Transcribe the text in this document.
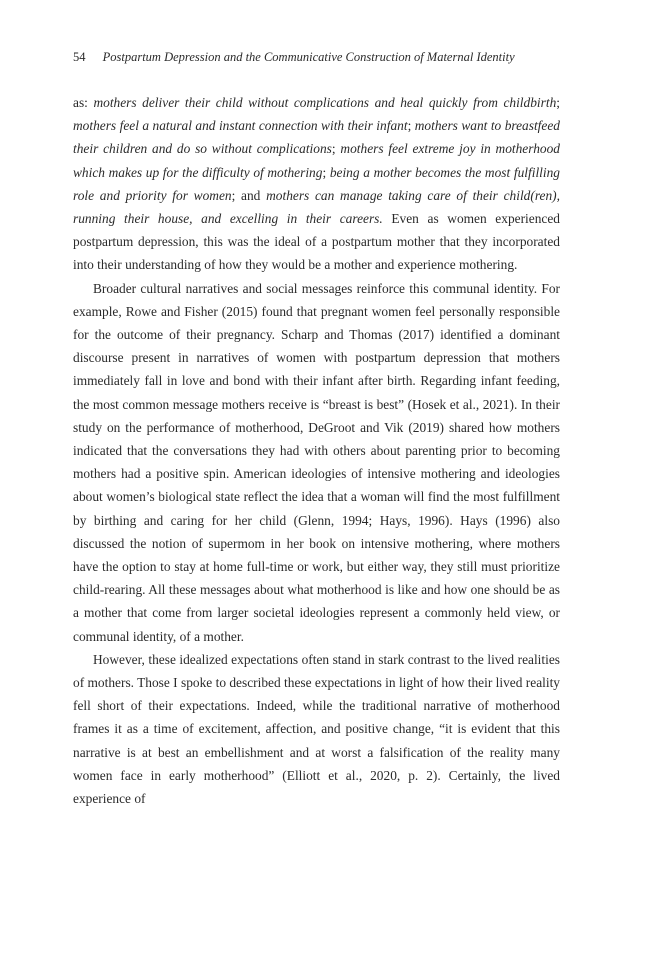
54 Postpartum Depression and the Communicative Construction of Maternal Identity

as: mothers deliver their child without complications and heal quickly from childbirth; mothers feel a natural and instant connection with their infant; mothers want to breastfeed their children and do so without complications; mothers feel extreme joy in motherhood which makes up for the difficulty of mothering; being a mother becomes the most fulfilling role and priority for women; and mothers can manage taking care of their child(ren), running their house, and excelling in their careers. Even as women experienced postpartum depression, this was the ideal of a postpartum mother that they incorporated into their understanding of how they would be a mother and experience mothering.

Broader cultural narratives and social messages reinforce this communal identity. For example, Rowe and Fisher (2015) found that pregnant women feel personally responsible for the outcome of their pregnancy. Scharp and Thomas (2017) identified a dominant discourse present in narratives of women with postpartum depression that mothers immediately fall in love and bond with their infant after birth. Regarding infant feeding, the most common message mothers receive is “breast is best” (Hosek et al., 2021). In their study on the performance of motherhood, DeGroot and Vik (2019) shared how mothers indicated that the conversations they had with others about parenting prior to becoming mothers had a positive spin. American ideologies of intensive mothering and ideologies about women’s biological state reflect the idea that a woman will find the most fulfillment by birthing and caring for her child (Glenn, 1994; Hays, 1996). Hays (1996) also discussed the notion of supermom in her book on intensive mothering, where mothers have the option to stay at home full-time or work, but either way, they still must prioritize child-rearing. All these messages about what motherhood is like and how one should be as a mother that come from larger societal ideologies represent a commonly held view, or communal identity, of a mother.

However, these idealized expectations often stand in stark contrast to the lived realities of mothers. Those I spoke to described these expectations in light of how their lived reality fell short of their expectations. Indeed, while the traditional narrative of motherhood frames it as a time of excitement, affection, and positive change, “it is evident that this narrative is at best an embellishment and at worst a falsification of the reality many women face in early motherhood” (Elliott et al., 2020, p. 2). Certainly, the lived experience of
